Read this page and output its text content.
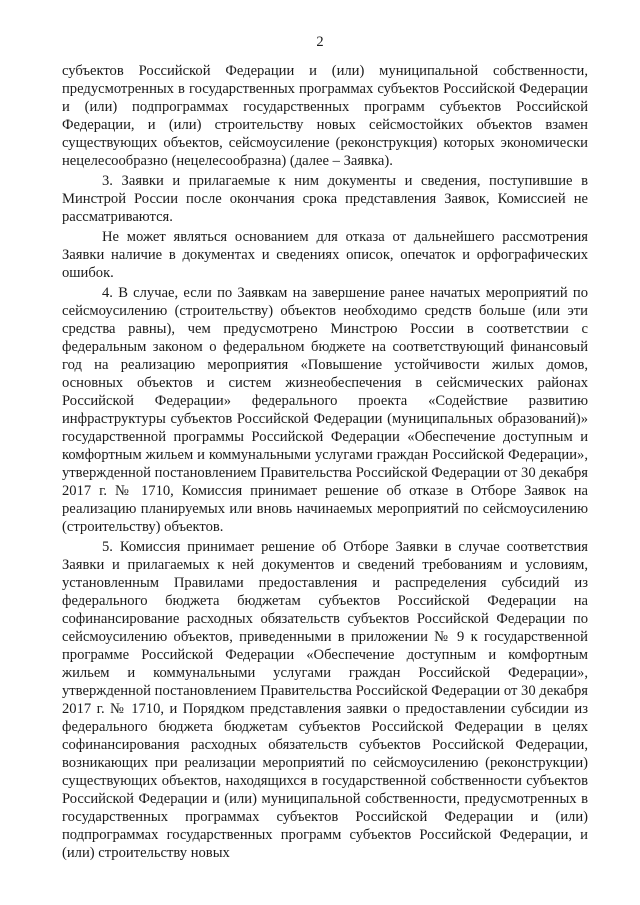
2

субъектов Российской Федерации и (или) муниципальной собственности, предусмотренных в государственных программах субъектов Российской Федерации и (или) подпрограммах государственных программ субъектов Российской Федерации, и (или) строительству новых сейсмостойких объектов взамен существующих объектов, сейсмоусиление (реконструкция) которых экономически нецелесообразно (нецелесообразна) (далее – Заявка).

3. Заявки и прилагаемые к ним документы и сведения, поступившие в Минстрой России после окончания срока представления Заявок, Комиссией не рассматриваются.

Не может являться основанием для отказа от дальнейшего рассмотрения Заявки наличие в документах и сведениях описок, опечаток и орфографических ошибок.

4. В случае, если по Заявкам на завершение ранее начатых мероприятий по сейсмоусилению (строительству) объектов необходимо средств больше (или эти средства равны), чем предусмотрено Минстрою России в соответствии с федеральным законом о федеральном бюджете на соответствующий финансовый год на реализацию мероприятия «Повышение устойчивости жилых домов, основных объектов и систем жизнеобеспечения в сейсмических районах Российской Федерации» федерального проекта «Содействие развитию инфраструктуры субъектов Российской Федерации (муниципальных образований)» государственной программы Российской Федерации «Обеспечение доступным и комфортным жильем и коммунальными услугами граждан Российской Федерации», утвержденной постановлением Правительства Российской Федерации от 30 декабря 2017 г. № 1710, Комиссия принимает решение об отказе в Отборе Заявок на реализацию планируемых или вновь начинаемых мероприятий по сейсмоусилению (строительству) объектов.

5. Комиссия принимает решение об Отборе Заявки в случае соответствия Заявки и прилагаемых к ней документов и сведений требованиям и условиям, установленным Правилами предоставления и распределения субсидий из федерального бюджета бюджетам субъектов Российской Федерации на софинансирование расходных обязательств субъектов Российской Федерации по сейсмоусилению объектов, приведенными в приложении № 9 к государственной программе Российской Федерации «Обеспечение доступным и комфортным жильем и коммунальными услугами граждан Российской Федерации», утвержденной постановлением Правительства Российской Федерации от 30 декабря 2017 г. № 1710, и Порядком представления заявки о предоставлении субсидии из федерального бюджета бюджетам субъектов Российской Федерации в целях софинансирования расходных обязательств субъектов Российской Федерации, возникающих при реализации мероприятий по сейсмоусилению (реконструкции) существующих объектов, находящихся в государственной собственности субъектов Российской Федерации и (или) муниципальной собственности, предусмотренных в государственных программах субъектов Российской Федерации и (или) подпрограммах государственных программ субъектов Российской Федерации, и (или) строительству новых
